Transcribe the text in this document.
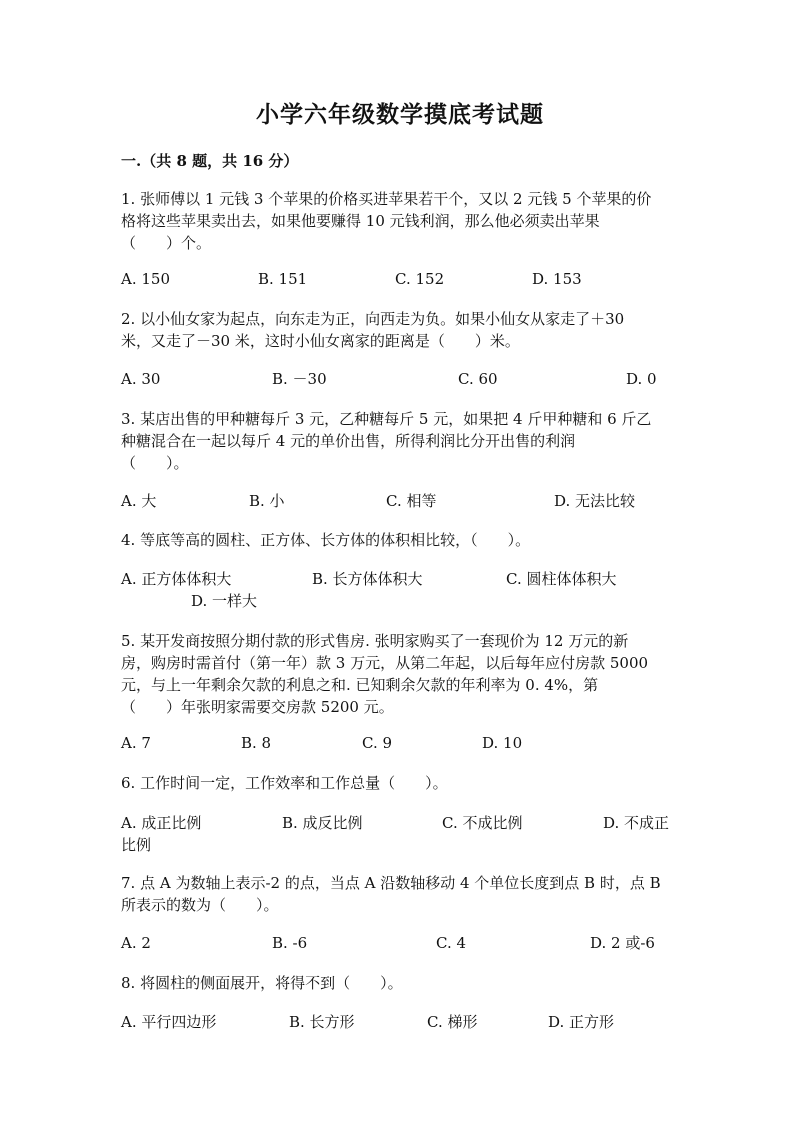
小学六年级数学摸底考试题
一.（共 8 题，共 16 分）
1. 张师傅以 1 元钱 3 个苹果的价格买进苹果若干个，又以 2 元钱 5 个苹果的价
格将这些苹果卖出去，如果他要赚得 10 元钱利润，那么他必须卖出苹果
（　　）个。
A. 150	B. 151	C. 152	D. 153
2. 以小仙女家为起点，向东走为正，向西走为负。如果小仙女从家走了＋30
米，又走了－30 米，这时小仙女离家的距离是（　　）米。
A. 30	B. －30	C. 60	D. 0
3. 某店出售的甲种糖每斤 3 元，乙种糖每斤 5 元，如果把 4 斤甲种糖和 6 斤乙
种糖混合在一起以每斤 4 元的单价出售，所得利润比分开出售的利润
（　　）。
A. 大	B. 小	C. 相等	D. 无法比较
4. 等底等高的圆柱、正方体、长方体的体积相比较，（　　）。
A. 正方体体积大	B. 长方体体积大	C. 圆柱体体积大
D. 一样大
5. 某开发商按照分期付款的形式售房. 张明家购买了一套现价为 12 万元的新
房，购房时需首付（第一年）款 3 万元，从第二年起，以后每年应付房款 5000
元，与上一年剩余欠款的利息之和. 已知剩余欠款的年利率为 0. 4%，第
（　　）年张明家需要交房款 5200 元。
A. 7	B. 8	C. 9	D. 10
6. 工作时间一定，工作效率和工作总量（　　）。
A. 成正比例	B. 成反比例	C. 不成比例	D. 不成正
比例
7. 点 A 为数轴上表示-2 的点，当点 A 沿数轴移动 4 个单位长度到点 B 时，点 B
所表示的数为（　　）。
A. 2	B. -6	C. 4	D. 2 或-6
8. 将圆柱的侧面展开，将得不到（　　）。
A. 平行四边形	B. 长方形	C. 梯形	D. 正方形
